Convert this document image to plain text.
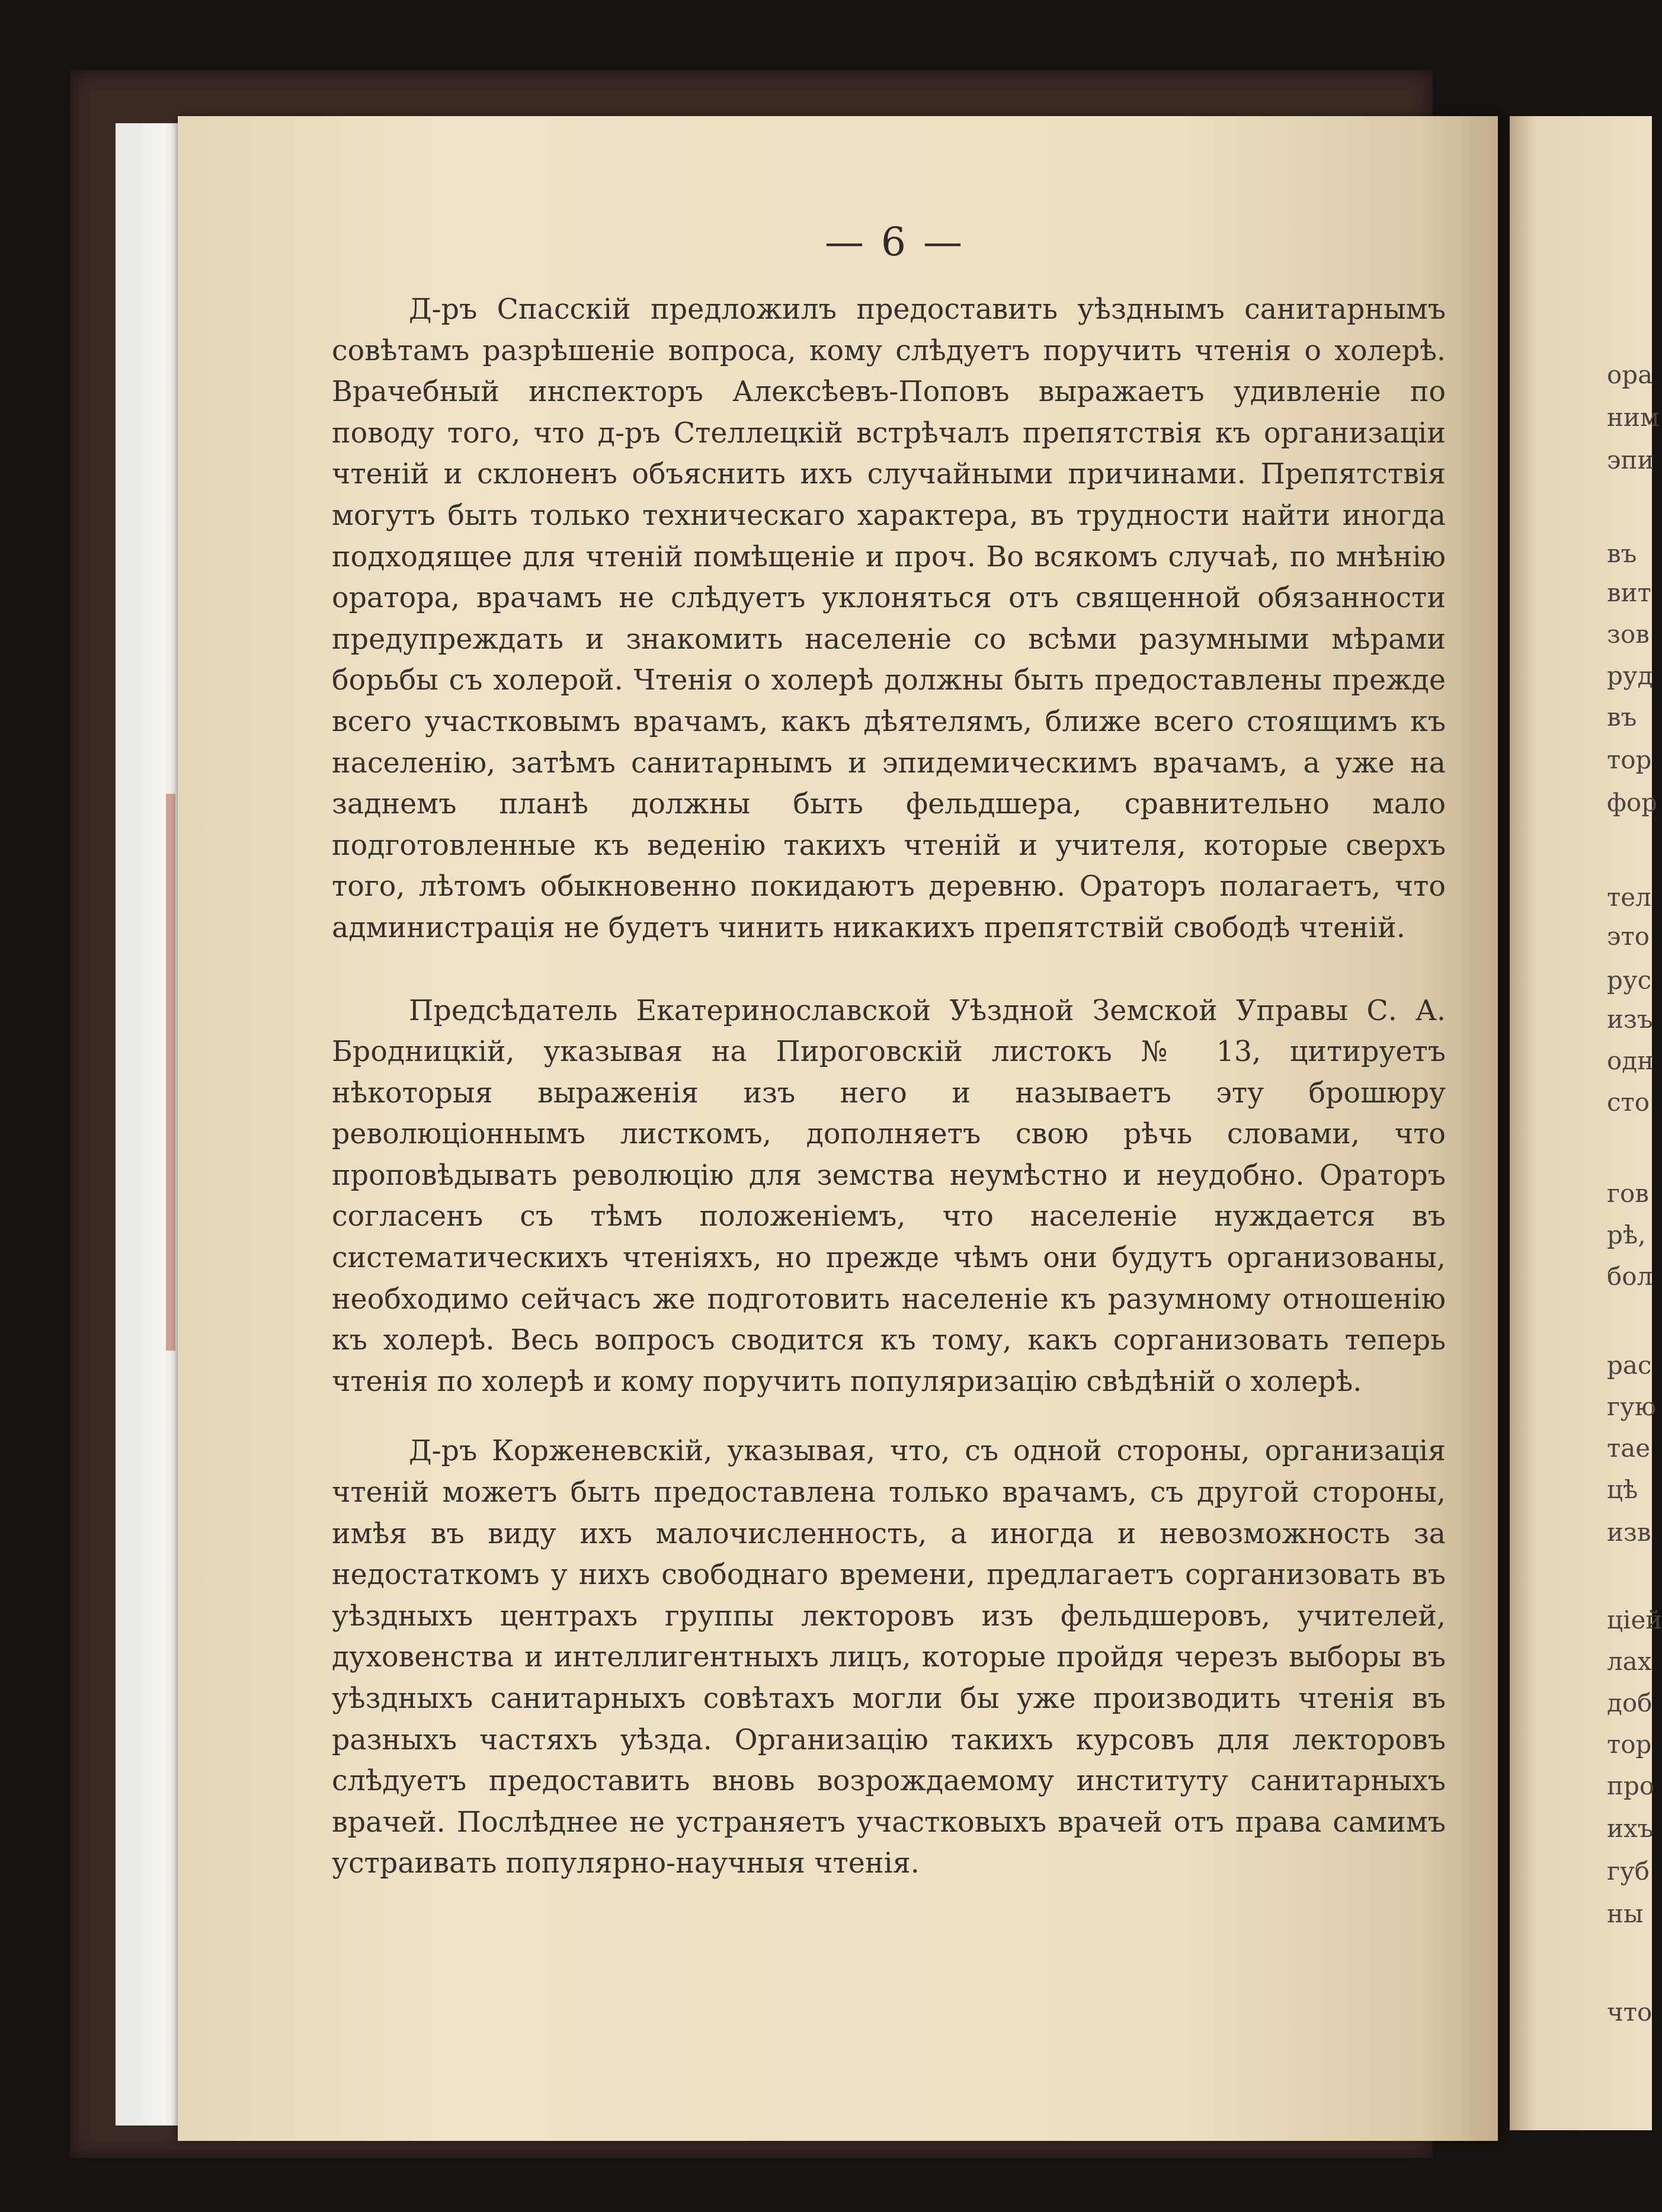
— 6 —

Д-ръ Спасскій предложилъ предоставить уѣзднымъ санитарнымъ совѣтамъ разрѣшеніе вопроса, кому слѣдуетъ поручить чтенія о холерѣ. Врачебный инспекторъ Алексѣевъ-Поповъ выражаетъ удивленіе по поводу того, что д-ръ Стеллецкій встрѣчалъ препятствія къ организаціи чтеній и склоненъ объяснить ихъ случайными причинами. Препятствія могутъ быть только техническаго характера, въ трудности найти иногда подходящее для чтеній помѣщеніе и проч. Во всякомъ случаѣ, по мнѣнію оратора, врачамъ не слѣдуетъ уклоняться отъ священной обязанности предупреждать и знакомить населеніе со всѣми разумными мѣрами борьбы съ холерой. Чтенія о холерѣ должны быть предоставлены прежде всего участковымъ врачамъ, какъ дѣятелямъ, ближе всего стоящимъ къ населенію, затѣмъ санитарнымъ и эпидемическимъ врачамъ, а уже на заднемъ планѣ должны быть фельдшера, сравнительно мало подготовленные къ веденію такихъ чтеній и учителя, которые сверхъ того, лѣтомъ обыкновенно покидаютъ деревню. Ораторъ полагаетъ, что администрація не будетъ чинить никакихъ препятствій свободѣ чтеній.

Предсѣдатель Екатеринославской Уѣздной Земской Управы С. А. Бродницкій, указывая на Пироговскій листокъ № 13, цитируетъ нѣкоторыя выраженія изъ него и называетъ эту брошюру революціоннымъ листкомъ, дополняетъ свою рѣчь словами, что проповѣдывать революцію для земства неумѣстно и неудобно. Ораторъ согласенъ съ тѣмъ положеніемъ, что населеніе нуждается въ систематическихъ чтеніяхъ, но прежде чѣмъ они будутъ организованы, необходимо сейчасъ же подготовить населеніе къ разумному отношенію къ холерѣ. Весь вопросъ сводится къ тому, какъ сорганизовать теперь чтенія по холерѣ и кому поручить популяризацію свѣдѣній о холерѣ.

Д-ръ Корженевскій, указывая, что, съ одной стороны, организація чтеній можетъ быть предоставлена только врачамъ, съ другой стороны, имѣя въ виду ихъ малочисленность, а иногда и невозможность за недостаткомъ у нихъ свободнаго времени, предлагаетъ сорганизовать въ уѣздныхъ центрахъ группы лекторовъ изъ фельдшеровъ, учителей, духовенства и интеллигентныхъ лицъ, которые пройдя черезъ выборы въ уѣздныхъ санитарныхъ совѣтахъ могли бы уже производить чтенія въ разныхъ частяхъ уѣзда. Организацію такихъ курсовъ для лекторовъ слѣдуетъ предоставить вновь возрождаемому институту санитарныхъ врачей. Послѣднее не устраняетъ участковыхъ врачей отъ права самимъ устраивать популярно-научныя чтенія.

ора
ним
эпи
въ
вит
зов
руд
въ
тор
фор
тел
это
рус
изъ
одн
сто
гов
рѣ,
бол
рас
гую
тае
цѣ
изв
ціей
лах
доб
тор
про
ихъ
губ
ны
что
